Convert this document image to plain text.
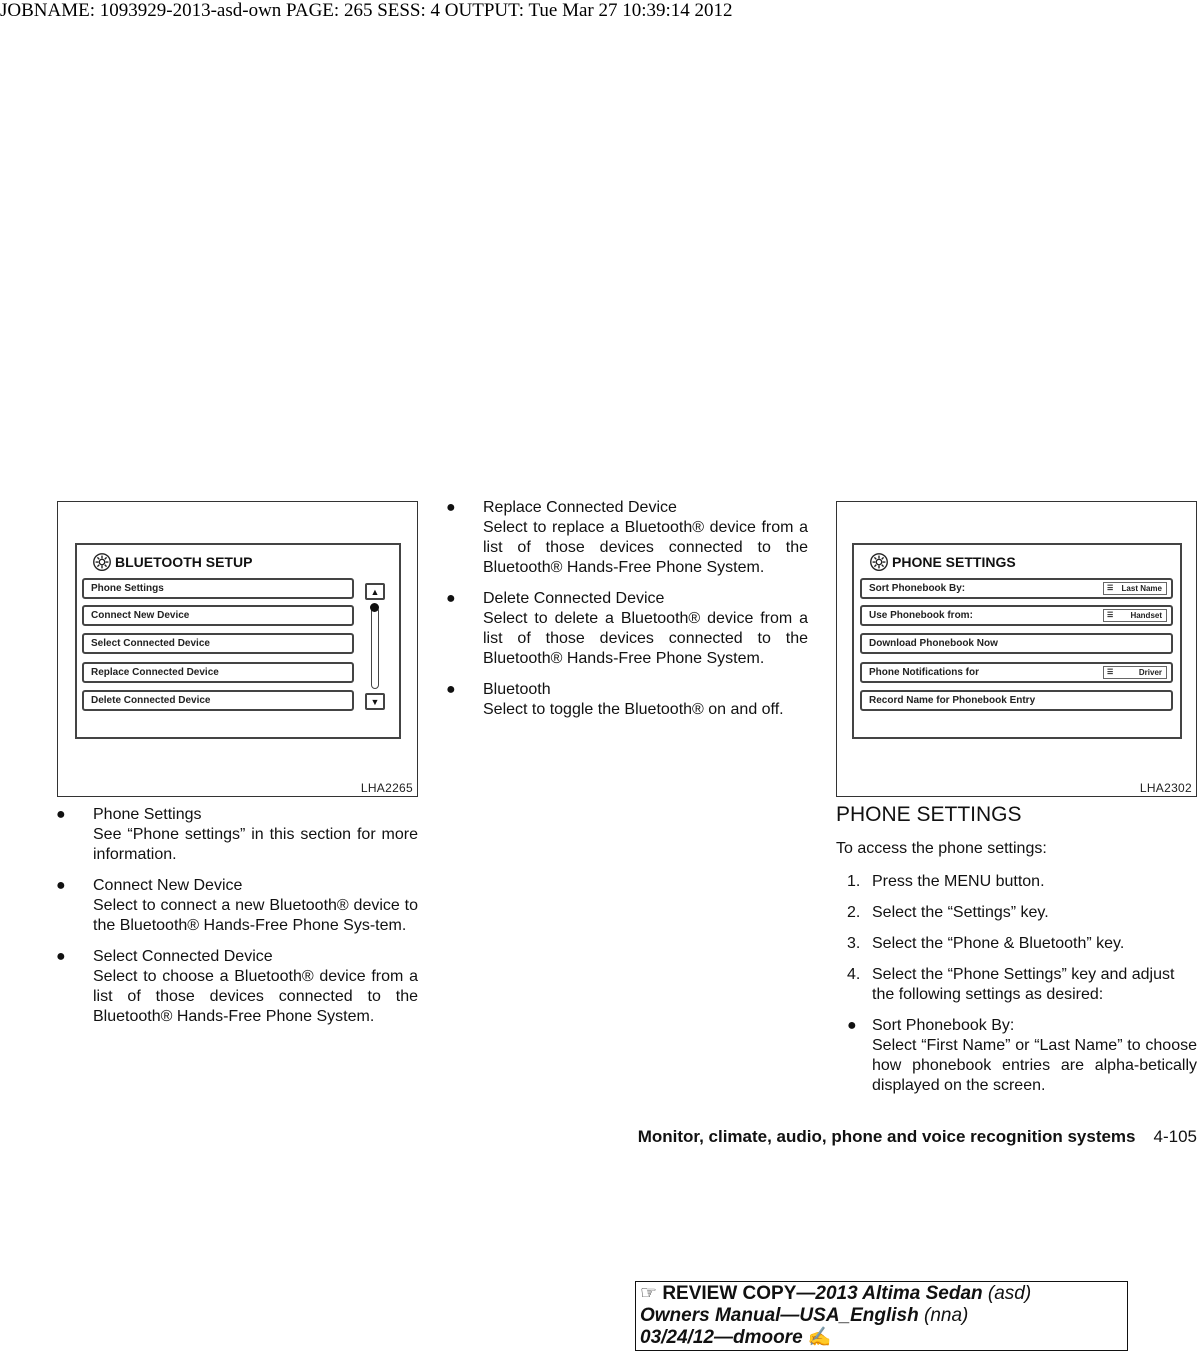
JOBNAME: 1093929-2013-asd-own PAGE: 265 SESS: 4 OUTPUT: Tue Mar 27 10:39:14 2012
BLUETOOTH SETUP
Phone Settings
Connect New Device
Select Connected Device
Replace Connected Device
Delete Connected Device
▲
▼
LHA2265
PHONE SETTINGS
Sort Phonebook By:	☰ Last Name
Use Phonebook from:	☰ Handset
Download Phonebook Now
Phone Notifications for	☰	Driver
Record Name for Phonebook Entry
LHA2302
● Phone Settings
See “Phone settings” in this section for more information.
● Connect New Device
Select to connect a new Bluetooth® device to the Bluetooth® Hands-Free Phone Sys-tem.
● Select Connected Device
Select to choose a Bluetooth® device from a list of those devices connected to the Bluetooth® Hands-Free Phone System.
● Replace Connected Device
Select to replace a Bluetooth® device from a list of those devices connected to the Bluetooth® Hands-Free Phone System.
● Delete Connected Device
Select to delete a Bluetooth® device from a list of those devices connected to the Bluetooth® Hands-Free Phone System.
● Bluetooth
Select to toggle the Bluetooth® on and off.
PHONE SETTINGS
To access the phone settings:
1. Press the MENU button.
2. Select the “Settings” key.
3. Select the “Phone & Bluetooth” key.
4. Select the “Phone Settings” key and adjust the following settings as desired:
● Sort Phonebook By:
Select “First Name” or “Last Name” to choose how phonebook entries are alpha-betically displayed on the screen.
Monitor, climate, audio, phone and voice recognition systems 4-105
☞ REVIEW COPY—2013 Altima Sedan (asd)
Owners Manual—USA_English (nna)
03/24/12—dmoore ✍
